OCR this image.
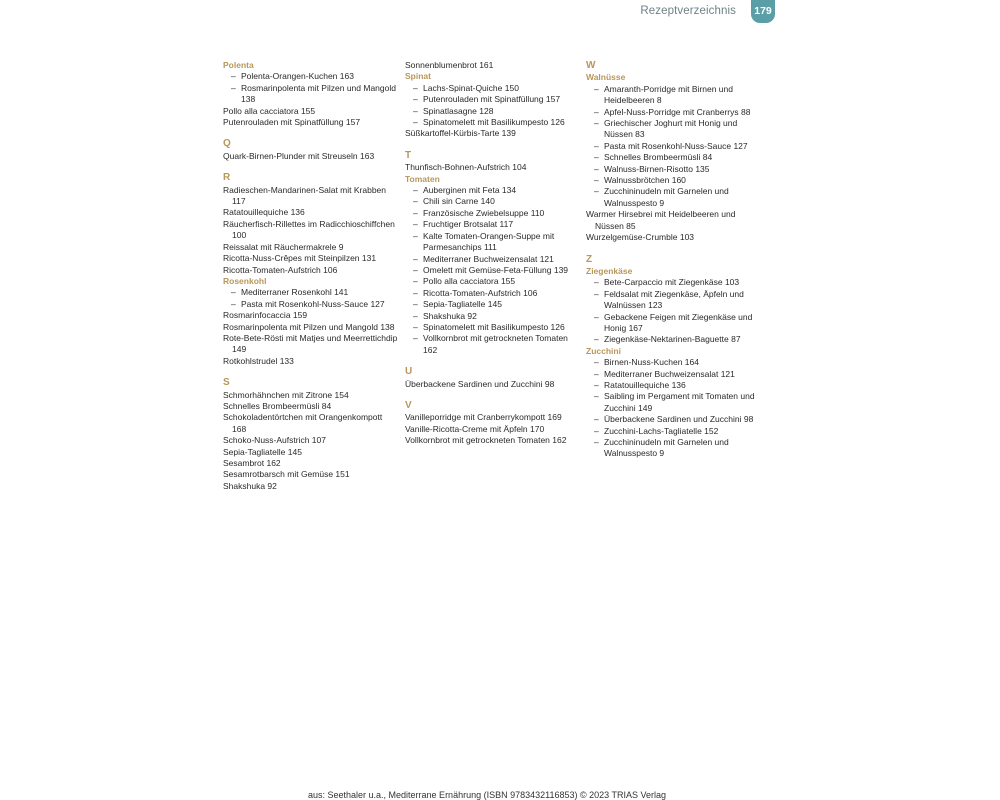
Rezeptverzeichnis	179
Polenta
– Polenta-Orangen-Kuchen 163
– Rosmarinpolenta mit Pilzen und Mangold 138
Pollo alla cacciatora 155
Putenrouladen mit Spinatfüllung 157
Q
Quark-Birnen-Plunder mit Streuseln 163
R
Radieschen-Mandarinen-Salat mit Krabben 117
Ratatouillequiche 136
Räucherfisch-Rillettes im Radicchioschiffchen 100
Reissalat mit Räuchermakrele 9
Ricotta-Nuss-Crêpes mit Steinpilzen 131
Ricotta-Tomaten-Aufstrich 106
Rosenkohl
– Mediterraner Rosenkohl 141
– Pasta mit Rosenkohl-Nuss-Sauce 127
Rosmarinfocaccia 159
Rosmarinpolenta mit Pilzen und Mangold 138
Rote-Bete-Rösti mit Matjes und Meerrettichdip 149
Rotkohlstrudel 133
S
Schmorhähnchen mit Zitrone 154
Schnelles Brombeermüsli 84
Schokoladentörtchen mit Orangenkompott 168
Schoko-Nuss-Aufstrich 107
Sepia-Tagliatelle 145
Sesambrot 162
Sesamrotbarsch mit Gemüse 151
Shakshuka 92
Sonnenblumenbrot 161
Spinat
– Lachs-Spinat-Quiche 150
– Putenrouladen mit Spinatfüllung 157
– Spinatlasagne 128
– Spinatomelett mit Basilikumpesto 126
Süßkartoffel-Kürbis-Tarte 139
T
Thunfisch-Bohnen-Aufstrich 104
Tomaten
– Auberginen mit Feta 134
– Chili sin Carne 140
– Französische Zwiebelsuppe 110
– Fruchtiger Brotsalat 117
– Kalte Tomaten-Orangen-Suppe mit Parmesanchips 111
– Mediterraner Buchweizensalat 121
– Omelett mit Gemüse-Feta-Füllung 139
– Pollo alla cacciatora 155
– Ricotta-Tomaten-Aufstrich 106
– Sepia-Tagliatelle 145
– Shakshuka 92
– Spinatomelett mit Basilikumpesto 126
– Vollkornbrot mit getrockneten Tomaten 162
U
Überbackene Sardinen und Zucchini 98
V
Vanilleporridge mit Cranberrykompott 169
Vanille-Ricotta-Creme mit Äpfeln 170
Vollkornbrot mit getrockneten Tomaten 162
W
Walnüsse
– Amaranth-Porridge mit Birnen und Heidelbeeren 8
– Apfel-Nuss-Porridge mit Cranberrys 88
– Griechischer Joghurt mit Honig und Nüssen 83
– Pasta mit Rosenkohl-Nuss-Sauce 127
– Schnelles Brombeermüsli 84
– Walnuss-Birnen-Risotto 135
– Walnussbrötchen 160
– Zucchininudeln mit Garnelen und Walnusspesto 9
Warmer Hirsebrei mit Heidelbeeren und Nüssen 85
Wurzelgemüse-Crumble 103
Z
Ziegenkäse
– Bete-Carpaccio mit Ziegenkäse 103
– Feldsalat mit Ziegenkäse, Äpfeln und Walnüssen 123
– Gebackene Feigen mit Ziegenkäse und Honig 167
– Ziegenkäse-Nektarinen-Baguette 87
Zucchini
– Birnen-Nuss-Kuchen 164
– Mediterraner Buchweizensalat 121
– Ratatouillequiche 136
– Saibling im Pergament mit Tomaten und Zucchini 149
– Überbackene Sardinen und Zucchini 98
– Zucchini-Lachs-Tagliatelle 152
– Zucchininudeln mit Garnelen und Walnusspesto 9
aus: Seethaler u.a., Mediterrane Ernährung (ISBN 9783432116853) © 2023 TRIAS Verlag
